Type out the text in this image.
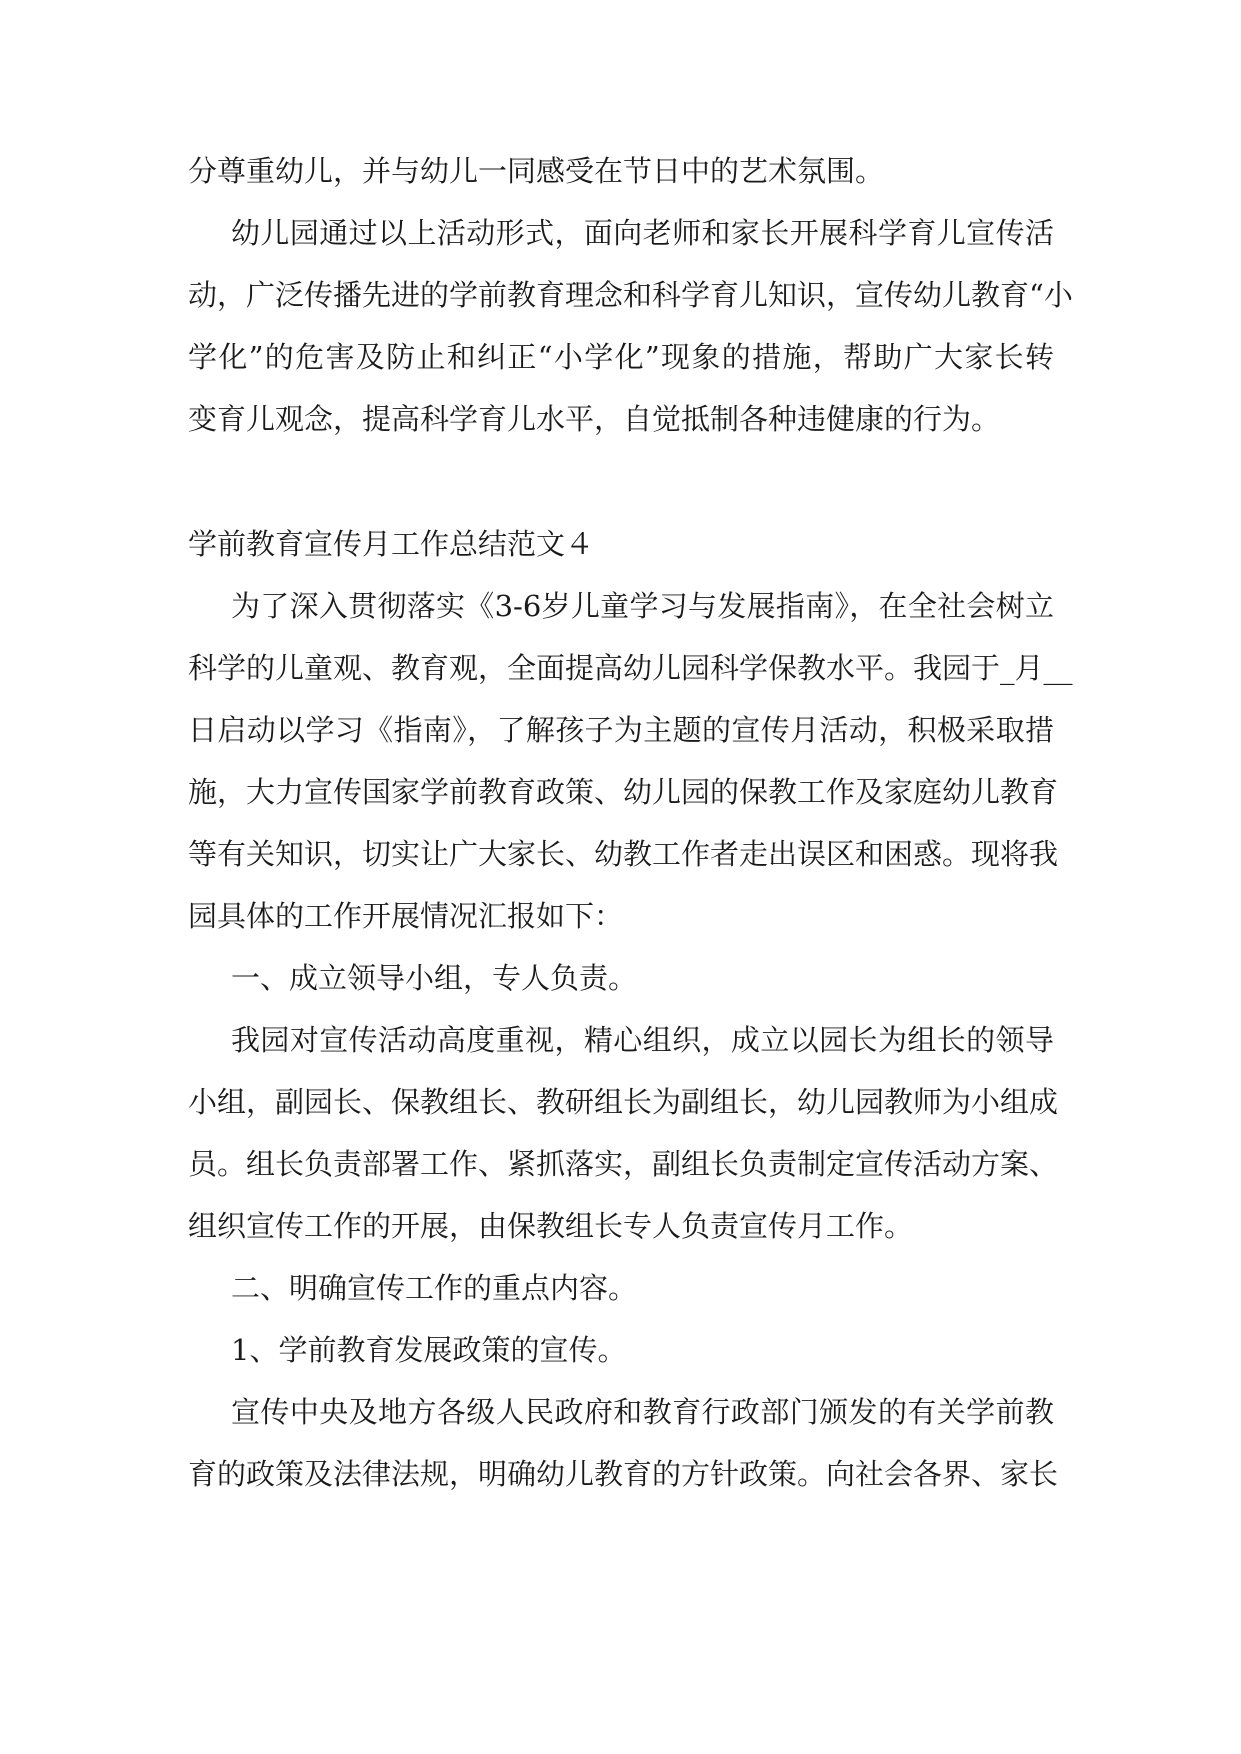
分尊重幼儿，并与幼儿一同感受在节日中的艺术氛围。
幼儿园通过以上活动形式，面向老师和家长开展科学育儿宣传活
动，广泛传播先进的学前教育理念和科学育儿知识，宣传幼儿教育“小
学化”的危害及防止和纠正“小学化”现象的措施，帮助广大家长转
变育儿观念，提高科学育儿水平，自觉抵制各种违健康的行为。
学前教育宣传月工作总结范文４
为了深入贯彻落实《3-6岁儿童学习与发展指南》，在全社会树立
科学的儿童观、教育观，全面提高幼儿园科学保教水平。我园于_月__
日启动以学习《指南》，了解孩子为主题的宣传月活动，积极采取措
施，大力宣传国家学前教育政策、幼儿园的保教工作及家庭幼儿教育
等有关知识，切实让广大家长、幼教工作者走出误区和困惑。现将我
园具体的工作开展情况汇报如下：
一、成立领导小组，专人负责。
我园对宣传活动高度重视，精心组织，成立以园长为组长的领导
小组，副园长、保教组长、教研组长为副组长，幼儿园教师为小组成
员。组长负责部署工作、紧抓落实，副组长负责制定宣传活动方案、
组织宣传工作的开展，由保教组长专人负责宣传月工作。
二、明确宣传工作的重点内容。
1、学前教育发展政策的宣传。
宣传中央及地方各级人民政府和教育行政部门颁发的有关学前教
育的政策及法律法规，明确幼儿教育的方针政策。向社会各界、家长
